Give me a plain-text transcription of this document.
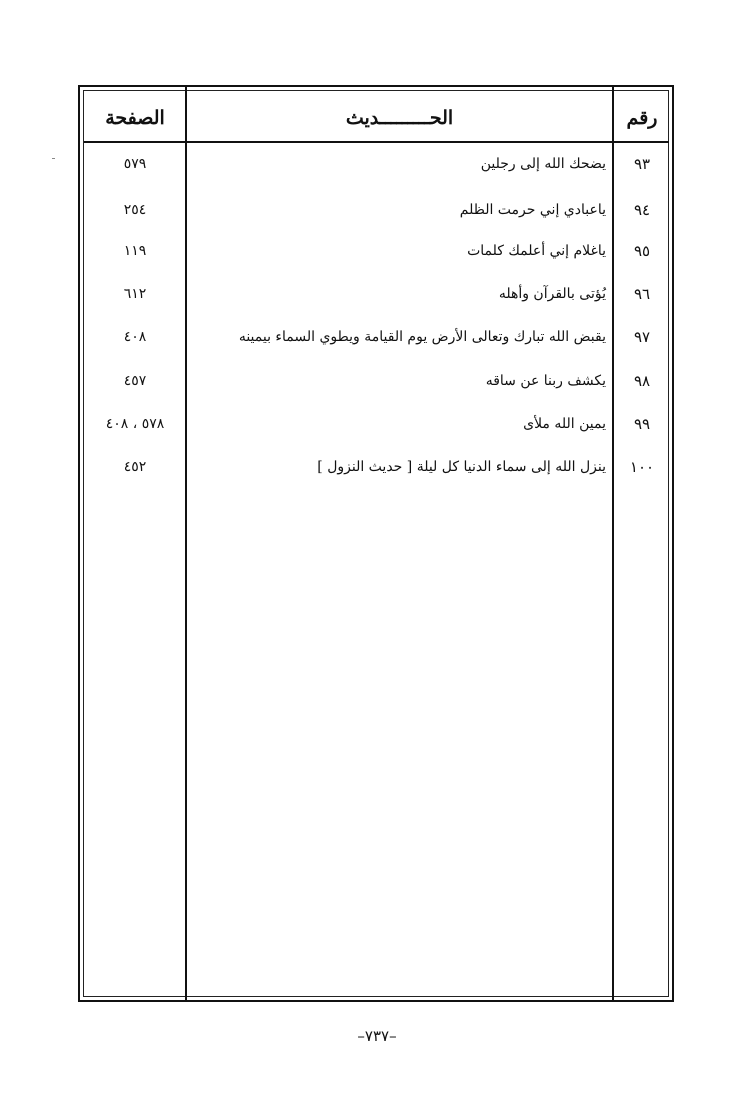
رقم
الحـــــــــديث
الصفحة
٩٣
يضحك الله إلى رجلين
٥٧٩
٩٤
ياعبادي إني حرمت الظلم
٢٥٤
٩٥
ياغلام إني أعلمك كلمات
١١٩
٩٦
يُؤتى بالقرآن وأهله
٦١٢
٩٧
يقبض الله تبارك وتعالى الأرض يوم القيامة ويطوي السماء بيمينه
٤٠٨
٩٨
يكشف ربنا عن ساقه
٤٥٧
٩٩
يمين الله ملأى
٥٧٨ ، ٤٠٨
١٠٠
ينزل الله إلى سماء الدنيا كل ليلة [ حديث النزول ]
٤٥٢
–٧٣٧–
